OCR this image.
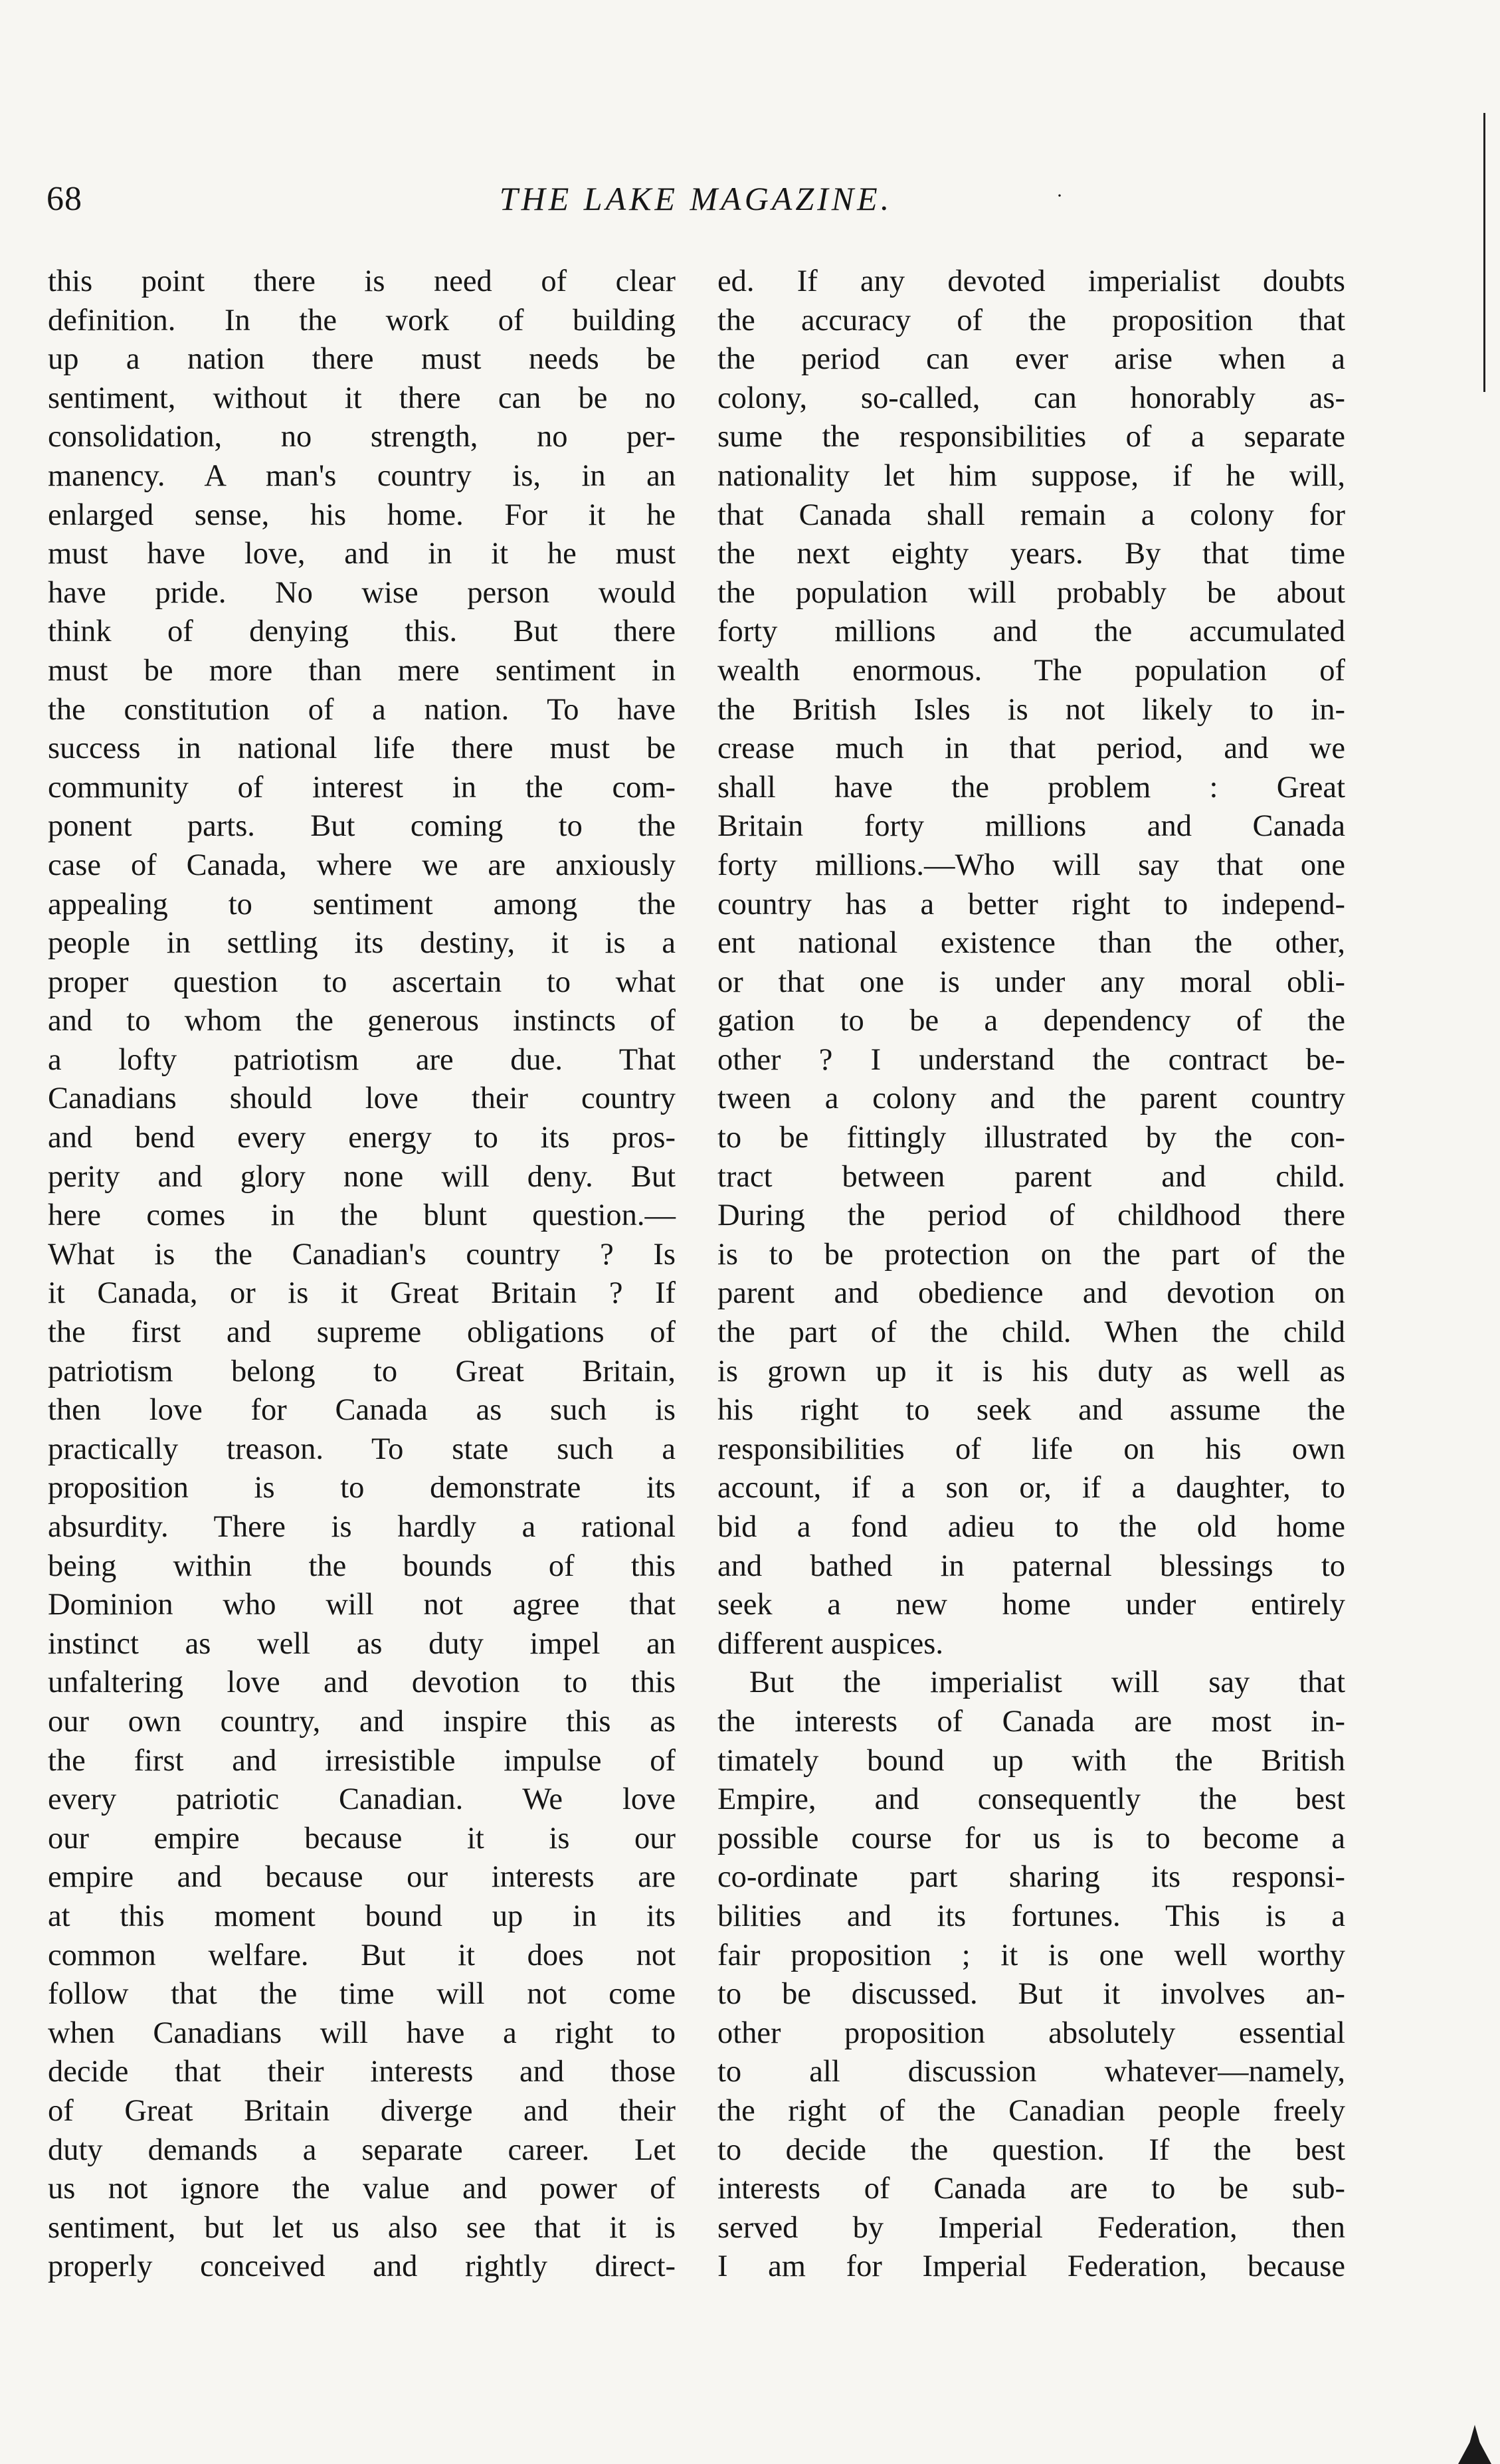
68	THE LAKE MAGAZINE.	·
this point there is need of clear
definition. In the work of building
up a nation there must needs be
sentiment, without it there can be no
consolidation, no strength, no per-
manency. A man's country is, in an
enlarged sense, his home. For it he
must have love, and in it he must
have pride. No wise person would
think of denying this. But there
must be more than mere sentiment in
the constitution of a nation. To have
success in national life there must be
community of interest in the com-
ponent parts. But coming to the
case of Canada, where we are anxiously
appealing to sentiment among the
people in settling its destiny, it is a
proper question to ascertain to what
and to whom the generous instincts of
a lofty patriotism are due. That
Canadians should love their country
and bend every energy to its pros-
perity and glory none will deny. But
here comes in the blunt question.—
What is the Canadian's country ? Is
it Canada, or is it Great Britain ? If
the first and supreme obligations of
patriotism belong to Great Britain,
then love for Canada as such is
practically treason. To state such a
proposition is to demonstrate its
absurdity. There is hardly a rational
being within the bounds of this
Dominion who will not agree that
instinct as well as duty impel an
unfaltering love and devotion to this
our own country, and inspire this as
the first and irresistible impulse of
every patriotic Canadian. We love
our empire because it is our
empire and because our interests are
at this moment bound up in its
common welfare. But it does not
follow that the time will not come
when Canadians will have a right to
decide that their interests and those
of Great Britain diverge and their
duty demands a separate career. Let
us not ignore the value and power of
sentiment, but let us also see that it is
properly conceived and rightly direct-
ed. If any devoted imperialist doubts
the accuracy of the proposition that
the period can ever arise when a
colony, so-called, can honorably as-
sume the responsibilities of a separate
nationality let him suppose, if he will,
that Canada shall remain a colony for
the next eighty years. By that time
the population will probably be about
forty millions and the accumulated
wealth enormous. The population of
the British Isles is not likely to in-
crease much in that period, and we
shall have the problem : Great
Britain forty millions and Canada
forty millions.—Who will say that one
country has a better right to independ-
ent national existence than the other,
or that one is under any moral obli-
gation to be a dependency of the
other ? I understand the contract be-
tween a colony and the parent country
to be fittingly illustrated by the con-
tract between parent and child.
During the period of childhood there
is to be protection on the part of the
parent and obedience and devotion on
the part of the child. When the child
is grown up it is his duty as well as
his right to seek and assume the
responsibilities of life on his own
account, if a son or, if a daughter, to
bid a fond adieu to the old home
and bathed in paternal blessings to
seek a new home under entirely
different auspices.
But the imperialist will say that
the interests of Canada are most in-
timately bound up with the British
Empire, and consequently the best
possible course for us is to become a
co-ordinate part sharing its responsi-
bilities and its fortunes. This is a
fair proposition ; it is one well worthy
to be discussed. But it involves an-
other proposition absolutely essential
to all discussion whatever—namely,
the right of the Canadian people freely
to decide the question. If the best
interests of Canada are to be sub-
served by Imperial Federation, then
I am for Imperial Federation, because
